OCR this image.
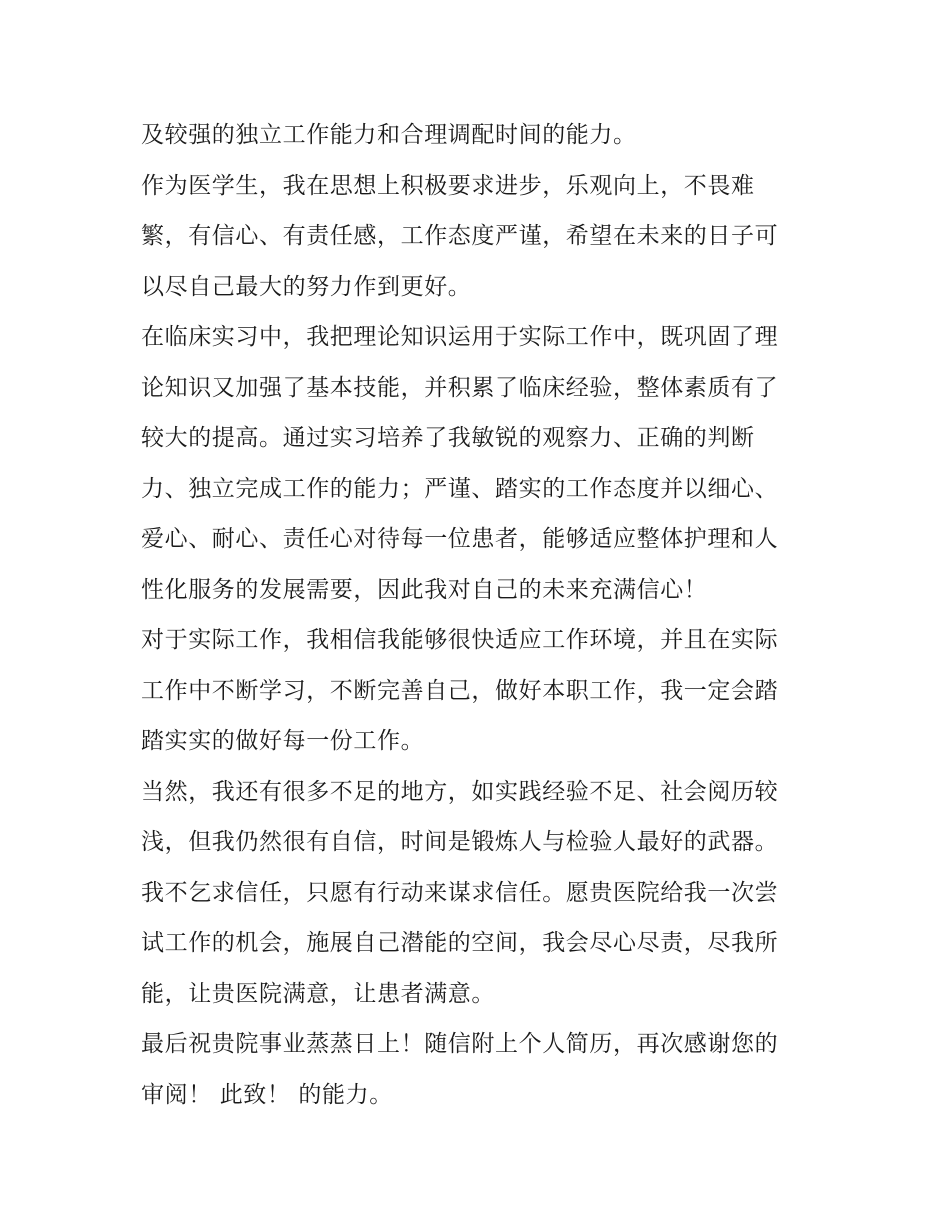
及较强的独立工作能力和合理调配时间的能力。
作为医学生，我在思想上积极要求进步，乐观向上，不畏难
繁，有信心、有责任感，工作态度严谨，希望在未来的日子可
以尽自己最大的努力作到更好。
在临床实习中，我把理论知识运用于实际工作中，既巩固了理
论知识又加强了基本技能，并积累了临床经验，整体素质有了
较大的提高。通过实习培养了我敏锐的观察力、正确的判断
力、独立完成工作的能力；严谨、踏实的工作态度并以细心、
爱心、耐心、责任心对待每一位患者，能够适应整体护理和人
性化服务的发展需要，因此我对自己的未来充满信心！
对于实际工作，我相信我能够很快适应工作环境，并且在实际
工作中不断学习，不断完善自己，做好本职工作，我一定会踏
踏实实的做好每一份工作。
当然，我还有很多不足的地方，如实践经验不足、社会阅历较
浅，但我仍然很有自信，时间是锻炼人与检验人最好的武器。
我不乞求信任，只愿有行动来谋求信任。愿贵医院给我一次尝
试工作的机会，施展自己潜能的空间，我会尽心尽责，尽我所
能，让贵医院满意，让患者满意。
最后祝贵院事业蒸蒸日上！随信附上个人简历，再次感谢您的
审阅！ 此致！ 的能力。
